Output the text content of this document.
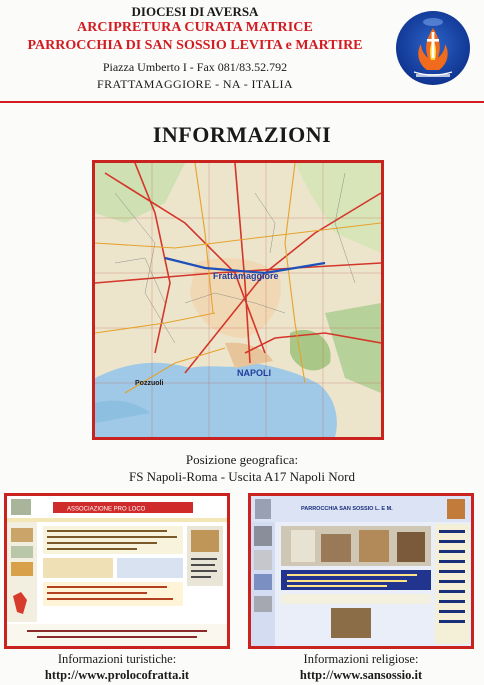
DIOCESI DI AVERSA
ARCIPRETURA CURATA MATRICE
PARROCCHIA DI SAN SOSSIO LEVITA e MARTIRE
Piazza Umberto I - Fax 081/83.52.792
FRATTAMAGGIORE - NA - ITALIA
INFORMAZIONI
Frattamaggiore
NAPOLI
Pozzuoli
Posizione geografica:
FS Napoli-Roma - Uscita A17 Napoli Nord
ASSOCIAZIONE PRO LOCO	PARROCCHIA SAN SOSSIO L. E M.
Informazioni turistiche:
http://www.prolocofratta.it
Informazioni religiose:
http://www.sansossio.it
